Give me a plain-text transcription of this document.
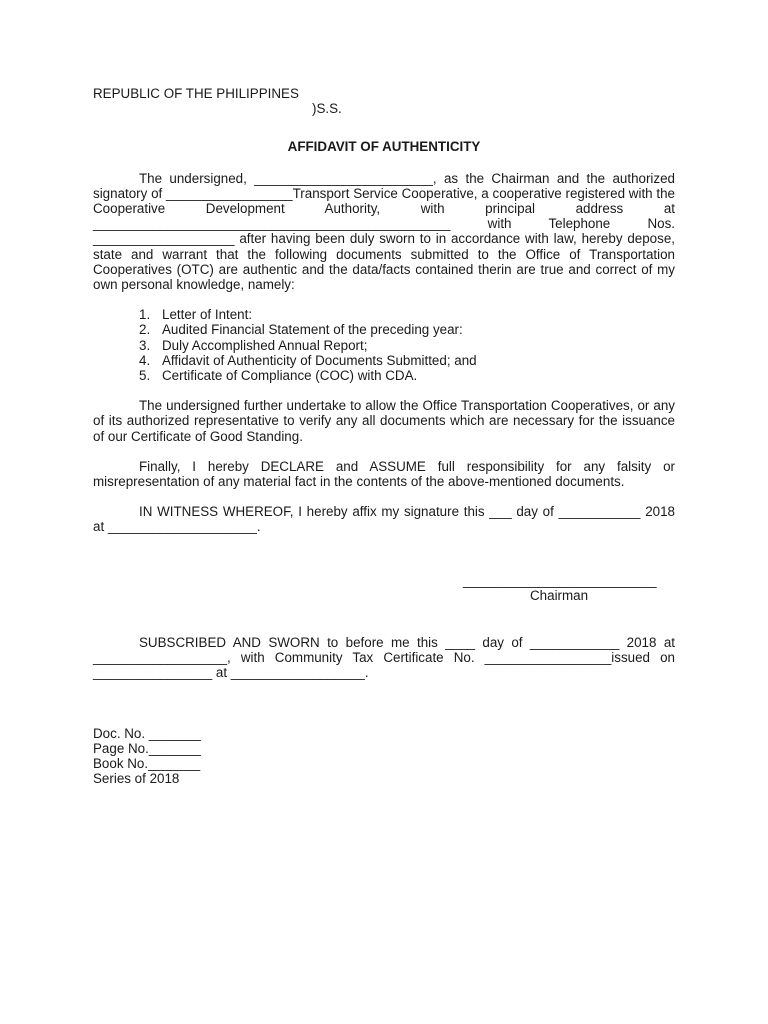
REPUBLIC OF THE PHILIPPINES
)S.S.
AFFIDAVIT OF AUTHENTICITY

The undersigned, ________________________, as the Chairman and the authorized signatory of _________________Transport Service Cooperative, a cooperative registered with the Cooperative Development Authority, with principal address at ________________________________________________ with Telephone Nos. ___________________ after having been duly sworn to in accordance with law, hereby depose, state and warrant that the following documents submitted to the Office of Transportation Cooperatives (OTC) are authentic and the data/facts contained therin are true and correct of my own personal knowledge, namely:

1. Letter of Intent:
2. Audited Financial Statement of the preceding year:
3. Duly Accomplished Annual Report;
4. Affidavit of Authenticity of Documents Submitted; and
5. Certificate of Compliance (COC) with CDA.

The undersigned further undertake to allow the Office Transportation Cooperatives, or any of its authorized representative to verify any all documents which are necessary for the issuance of our Certificate of Good Standing.

Finally, I hereby DECLARE and ASSUME full responsibility for any falsity or misrepresentation of any material fact in the contents of the above-mentioned documents.

IN WITNESS WHEREOF, I hereby affix my signature this ___ day of ___________ 2018 at ____________________.

__________________________
Chairman

SUBSCRIBED AND SWORN to before me this ____ day of ____________ 2018 at __________________, with Community Tax Certificate No. _________________issued on ________________ at __________________.

Doc. No. _______
Page No._______
Book No._______
Series of 2018
